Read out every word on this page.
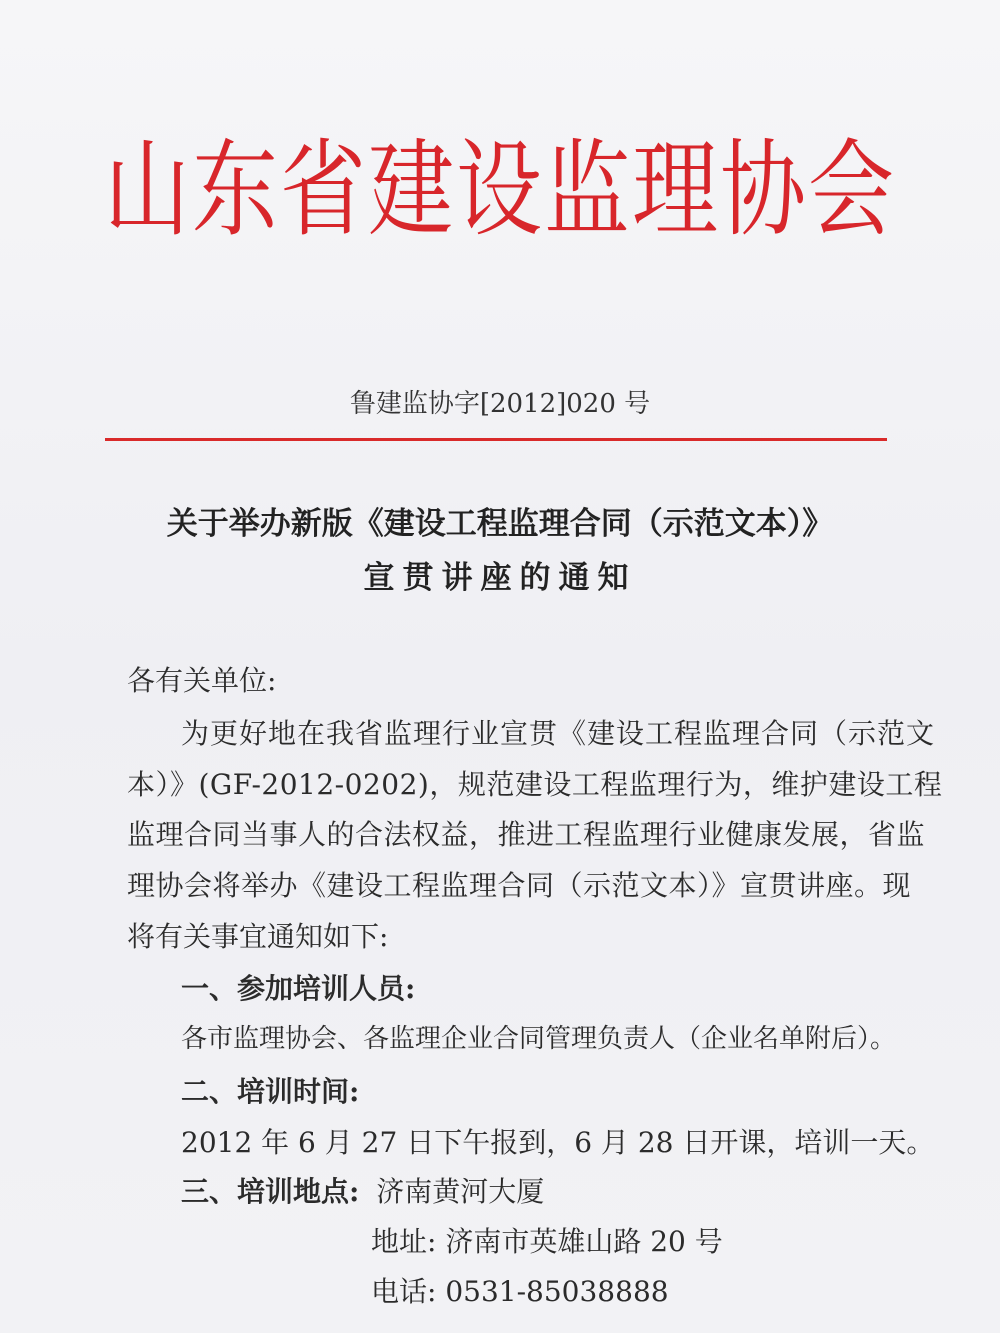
山东省建设监理协会
鲁建监协字[2012]020 号
关于举办新版《建设工程监理合同（示范文本）》
宣贯讲座的通知
各有关单位:
为更好地在我省监理行业宣贯《建设工程监理合同（示范文
本）》(GF-2012-0202)，规范建设工程监理行为，维护建设工程
监理合同当事人的合法权益，推进工程监理行业健康发展，省监
理协会将举办《建设工程监理合同（示范文本）》宣贯讲座。现
将有关事宜通知如下:
一、参加培训人员:
各市监理协会、各监理企业合同管理负责人（企业名单附后）。
二、培训时间:
2012 年 6 月 27 日下午报到，6 月 28 日开课，培训一天。
三、培训地点: 济南黄河大厦
地址: 济南市英雄山路 20 号
电话: 0531-85038888
